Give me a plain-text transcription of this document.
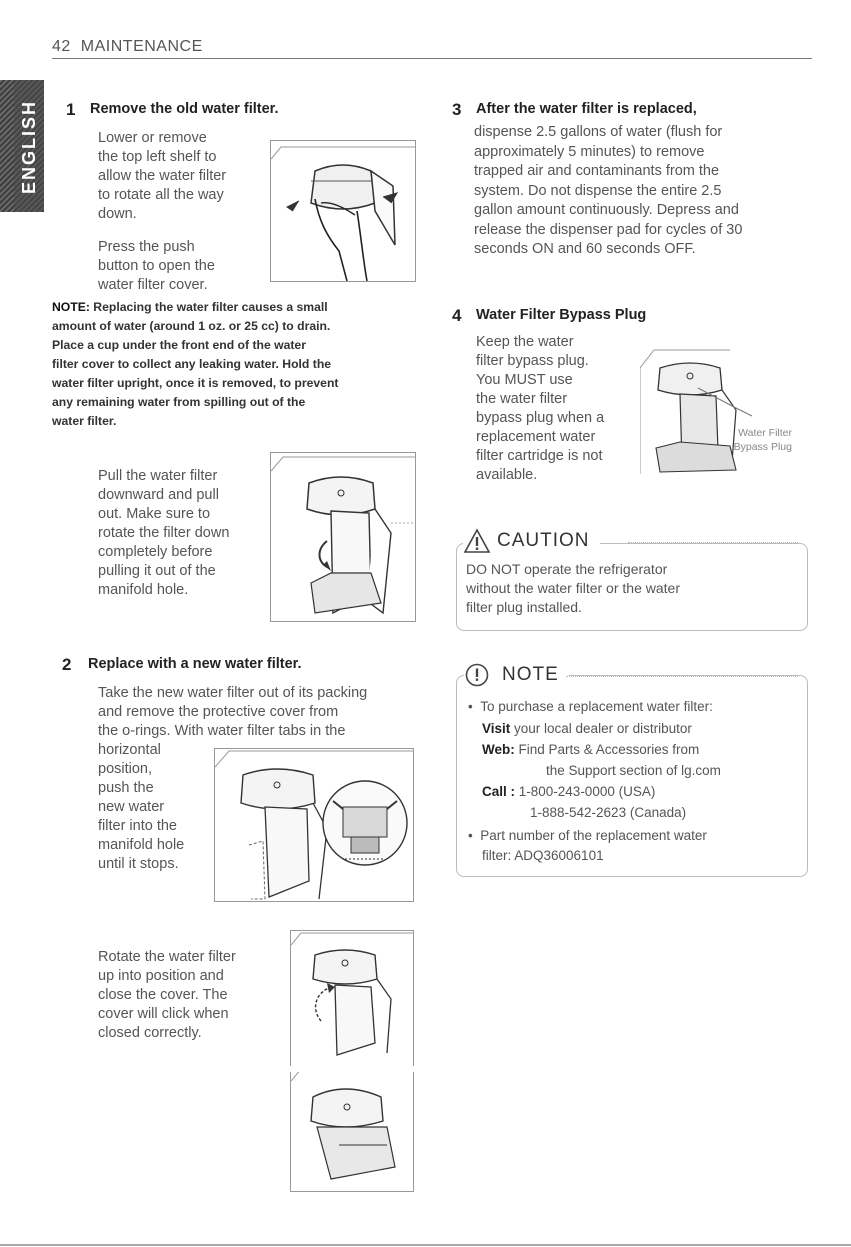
42 MAINTENANCE
ENGLISH 1 Remove the old water filter.
Lower or remove
the top left shelf to
allow the water filter
to rotate all the way
down.
Press the push
button to open the
water filter cover.
NOTE: Replacing the water filter causes a small
amount of water (around 1 oz. or 25 cc) to drain.
Place a cup under the front end of the water
filter cover to collect any leaking water. Hold the
water filter upright, once it is removed, to prevent
any remaining water from spilling out of the
water filter.
Pull the water filter
downward and pull
out. Make sure to
rotate the filter down
completely before
pulling it out of the
manifold hole.
2 Replace with a new water filter.
Take the new water filter out of its packing
and remove the protective cover from
the o-rings. With water filter tabs in the
horizontal
position,
push the
new water
filter into the
manifold hole
until it stops.
Rotate the water filter
up into position and
close the cover. The
cover will click when
closed correctly.
3 After the water filter is replaced,
dispense 2.5 gallons of water (flush for
approximately 5 minutes) to remove
trapped air and contaminants from the
system. Do not dispense the entire 2.5
gallon amount continuously. Depress and
release the dispenser pad for cycles of 30
seconds ON and 60 seconds OFF.
4 Water Filter Bypass Plug
Keep the water
filter bypass plug.
You MUST use
the water filter
bypass plug when a
replacement water
filter cartridge is not
available.
Water Filter
Bypass Plug
CAUTION
DO NOT operate the refrigerator
without the water filter or the water
filter plug installed.
NOTE
• To purchase a replacement water filter:
Visit your local dealer or distributor
Web: Find Parts & Accessories from
the Support section of lg.com
Call : 1-800-243-0000 (USA)
1-888-542-2623 (Canada)
• Part number of the replacement water
filter: ADQ36006101
